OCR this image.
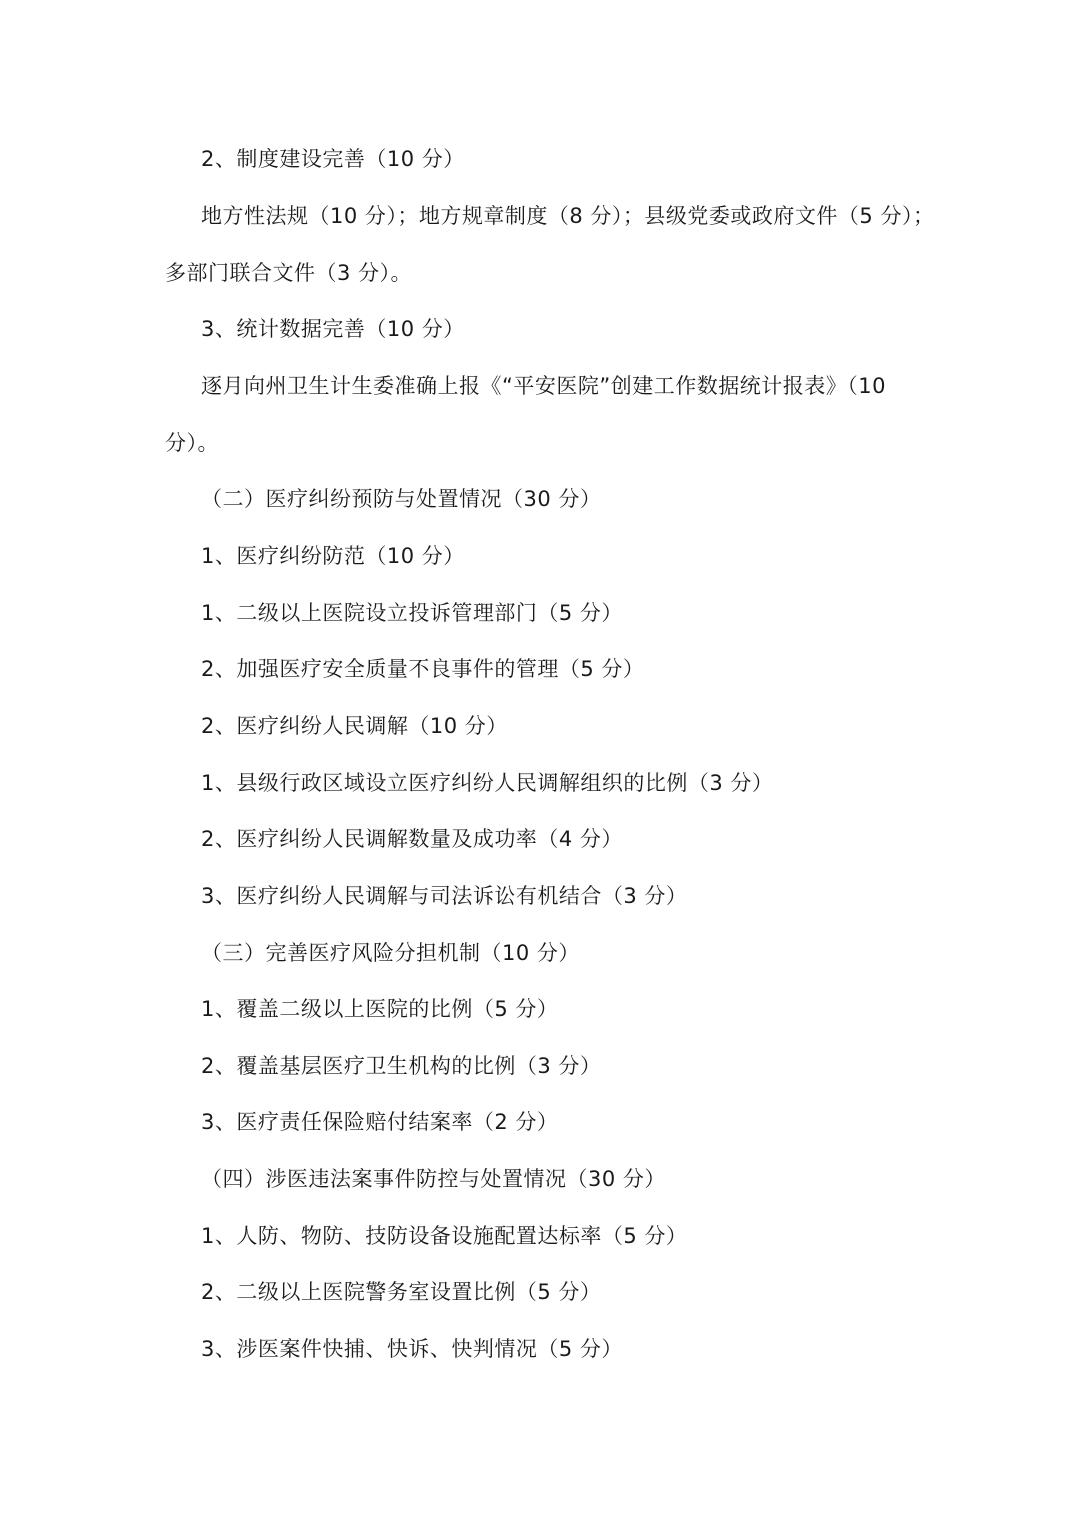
2、制度建设完善（10 分）
地方性法规（10 分）；地方规章制度（8 分）；县级党委或政府文件（5 分）；
多部门联合文件（3 分）。
3、统计数据完善（10 分）
逐月向州卫生计生委准确上报《“平安医院”创建工作数据统计报表》（10
分）。
（二）医疗纠纷预防与处置情况（30 分）
1、医疗纠纷防范（10 分）
1、二级以上医院设立投诉管理部门（5 分）
2、加强医疗安全质量不良事件的管理（5 分）
2、医疗纠纷人民调解（10 分）
1、县级行政区域设立医疗纠纷人民调解组织的比例（3 分）
2、医疗纠纷人民调解数量及成功率（4 分）
3、医疗纠纷人民调解与司法诉讼有机结合（3 分）
（三）完善医疗风险分担机制（10 分）
1、覆盖二级以上医院的比例（5 分）
2、覆盖基层医疗卫生机构的比例（3 分）
3、医疗责任保险赔付结案率（2 分）
（四）涉医违法案事件防控与处置情况（30 分）
1、人防、物防、技防设备设施配置达标率（5 分）
2、二级以上医院警务室设置比例（5 分）
3、涉医案件快捕、快诉、快判情况（5 分）
